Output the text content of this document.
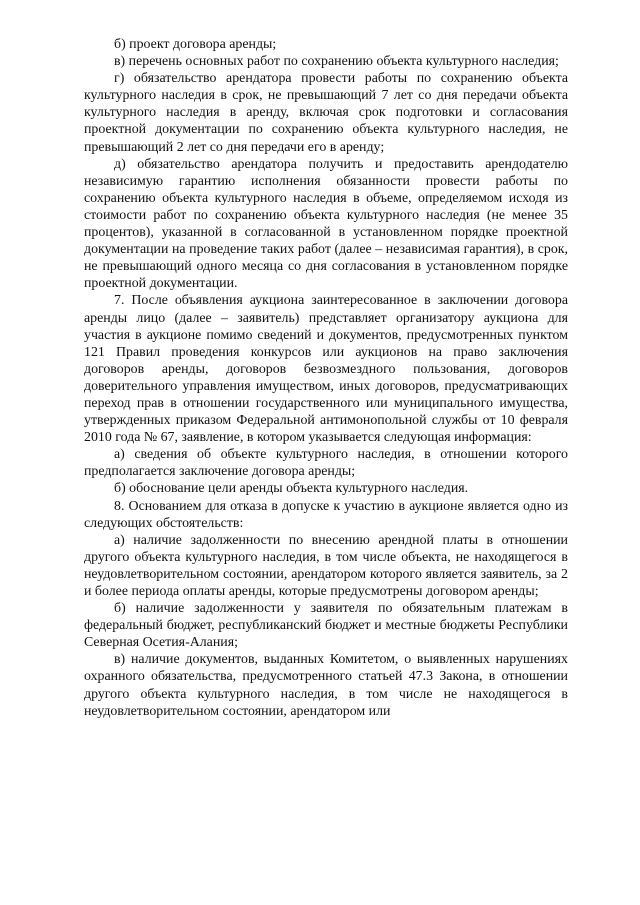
б) проект договора аренды;

в) перечень основных работ по сохранению объекта культурного наследия;

г) обязательство арендатора провести работы по сохранению объекта культурного наследия в срок, не превышающий 7 лет со дня передачи объекта культурного наследия в аренду, включая срок подготовки и согласования проектной документации по сохранению объекта культурного наследия, не превышающий 2 лет со дня передачи его в аренду;

д) обязательство арендатора получить и предоставить арендодателю независимую гарантию исполнения обязанности провести работы по сохранению объекта культурного наследия в объеме, определяемом исходя из стоимости работ по сохранению объекта культурного наследия (не менее 35 процентов), указанной в согласованной в установленном порядке проектной документации на проведение таких работ (далее – независимая гарантия), в срок, не превышающий одного месяца со дня согласования в установленном порядке проектной документации.

7. После объявления аукциона заинтересованное в заключении договора аренды лицо (далее – заявитель) представляет организатору аукциона для участия в аукционе помимо сведений и документов, предусмотренных пунктом 121 Правил проведения конкурсов или аукционов на право заключения договоров аренды, договоров безвозмездного пользования, договоров доверительного управления имуществом, иных договоров, предусматривающих переход прав в отношении государственного или муниципального имущества, утвержденных приказом Федеральной антимонопольной службы от 10 февраля 2010 года № 67, заявление, в котором указывается следующая информация:

а) сведения об объекте культурного наследия, в отношении которого предполагается заключение договора аренды;

б) обоснование цели аренды объекта культурного наследия.

8. Основанием для отказа в допуске к участию в аукционе является одно из следующих обстоятельств:

а) наличие задолженности по внесению арендной платы в отношении другого объекта культурного наследия, в том числе объекта, не находящегося в неудовлетворительном состоянии, арендатором которого является заявитель, за 2 и более периода оплаты аренды, которые предусмотрены договором аренды;

б) наличие задолженности у заявителя по обязательным платежам в федеральный бюджет, республиканский бюджет и местные бюджеты Республики Северная Осетия-Алания;

в) наличие документов, выданных Комитетом, о выявленных нарушениях охранного обязательства, предусмотренного статьей 47.3 Закона, в отношении другого объекта культурного наследия, в том числе не находящегося в неудовлетворительном состоянии, арендатором или
